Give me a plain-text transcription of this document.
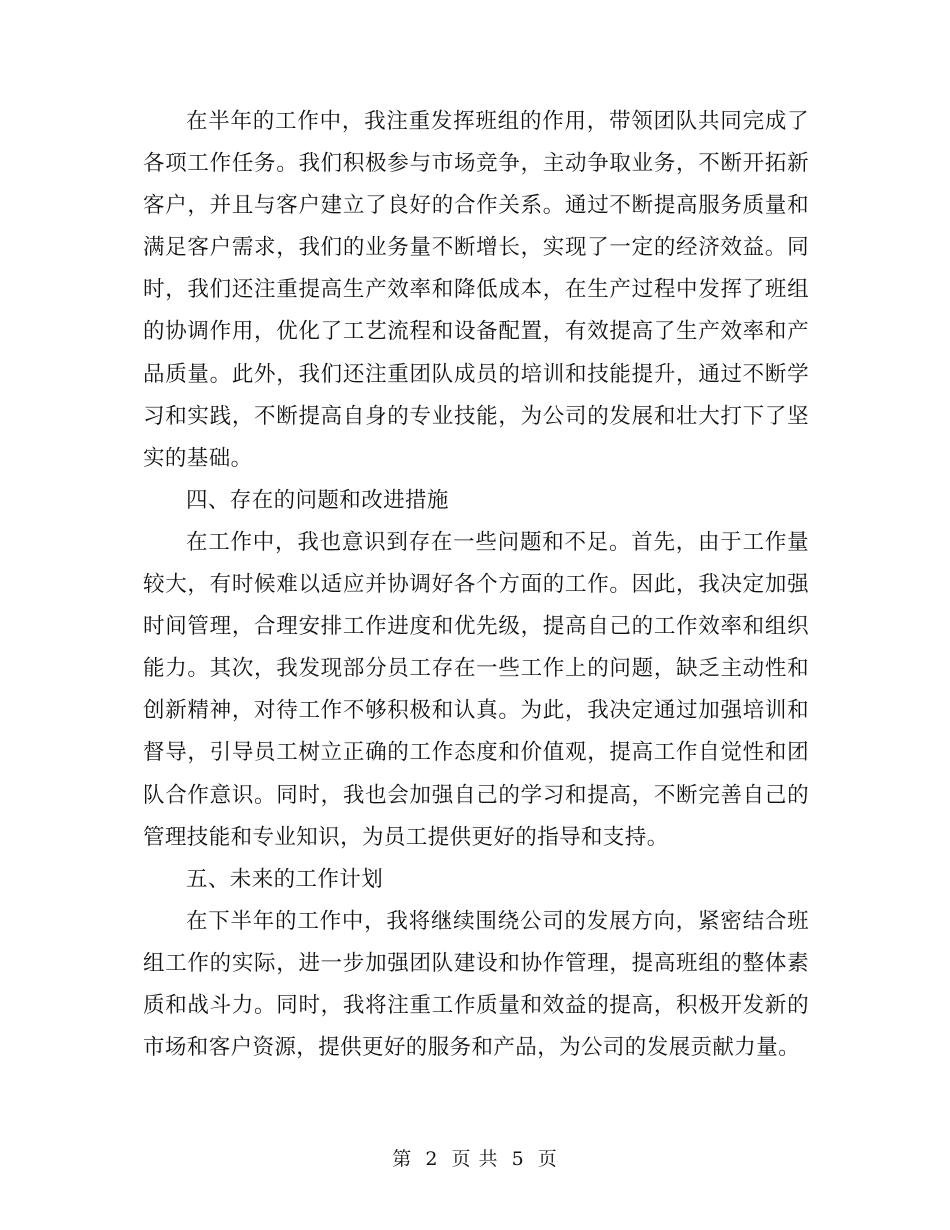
在半年的工作中，我注重发挥班组的作用，带领团队共同完成了各项工作任务。我们积极参与市场竞争，主动争取业务，不断开拓新客户，并且与客户建立了良好的合作关系。通过不断提高服务质量和满足客户需求，我们的业务量不断增长，实现了一定的经济效益。同时，我们还注重提高生产效率和降低成本，在生产过程中发挥了班组的协调作用，优化了工艺流程和设备配置，有效提高了生产效率和产品质量。此外，我们还注重团队成员的培训和技能提升，通过不断学习和实践，不断提高自身的专业技能，为公司的发展和壮大打下了坚实的基础。

四、存在的问题和改进措施

在工作中，我也意识到存在一些问题和不足。首先，由于工作量较大，有时候难以适应并协调好各个方面的工作。因此，我决定加强时间管理，合理安排工作进度和优先级，提高自己的工作效率和组织能力。其次，我发现部分员工存在一些工作上的问题，缺乏主动性和创新精神，对待工作不够积极和认真。为此，我决定通过加强培训和督导，引导员工树立正确的工作态度和价值观，提高工作自觉性和团队合作意识。同时，我也会加强自己的学习和提高，不断完善自己的管理技能和专业知识，为员工提供更好的指导和支持。

五、未来的工作计划

在下半年的工作中，我将继续围绕公司的发展方向，紧密结合班组工作的实际，进一步加强团队建设和协作管理，提高班组的整体素质和战斗力。同时，我将注重工作质量和效益的提高，积极开发新的市场和客户资源，提供更好的服务和产品，为公司的发展贡献力量。

第 2 页 共 5 页
